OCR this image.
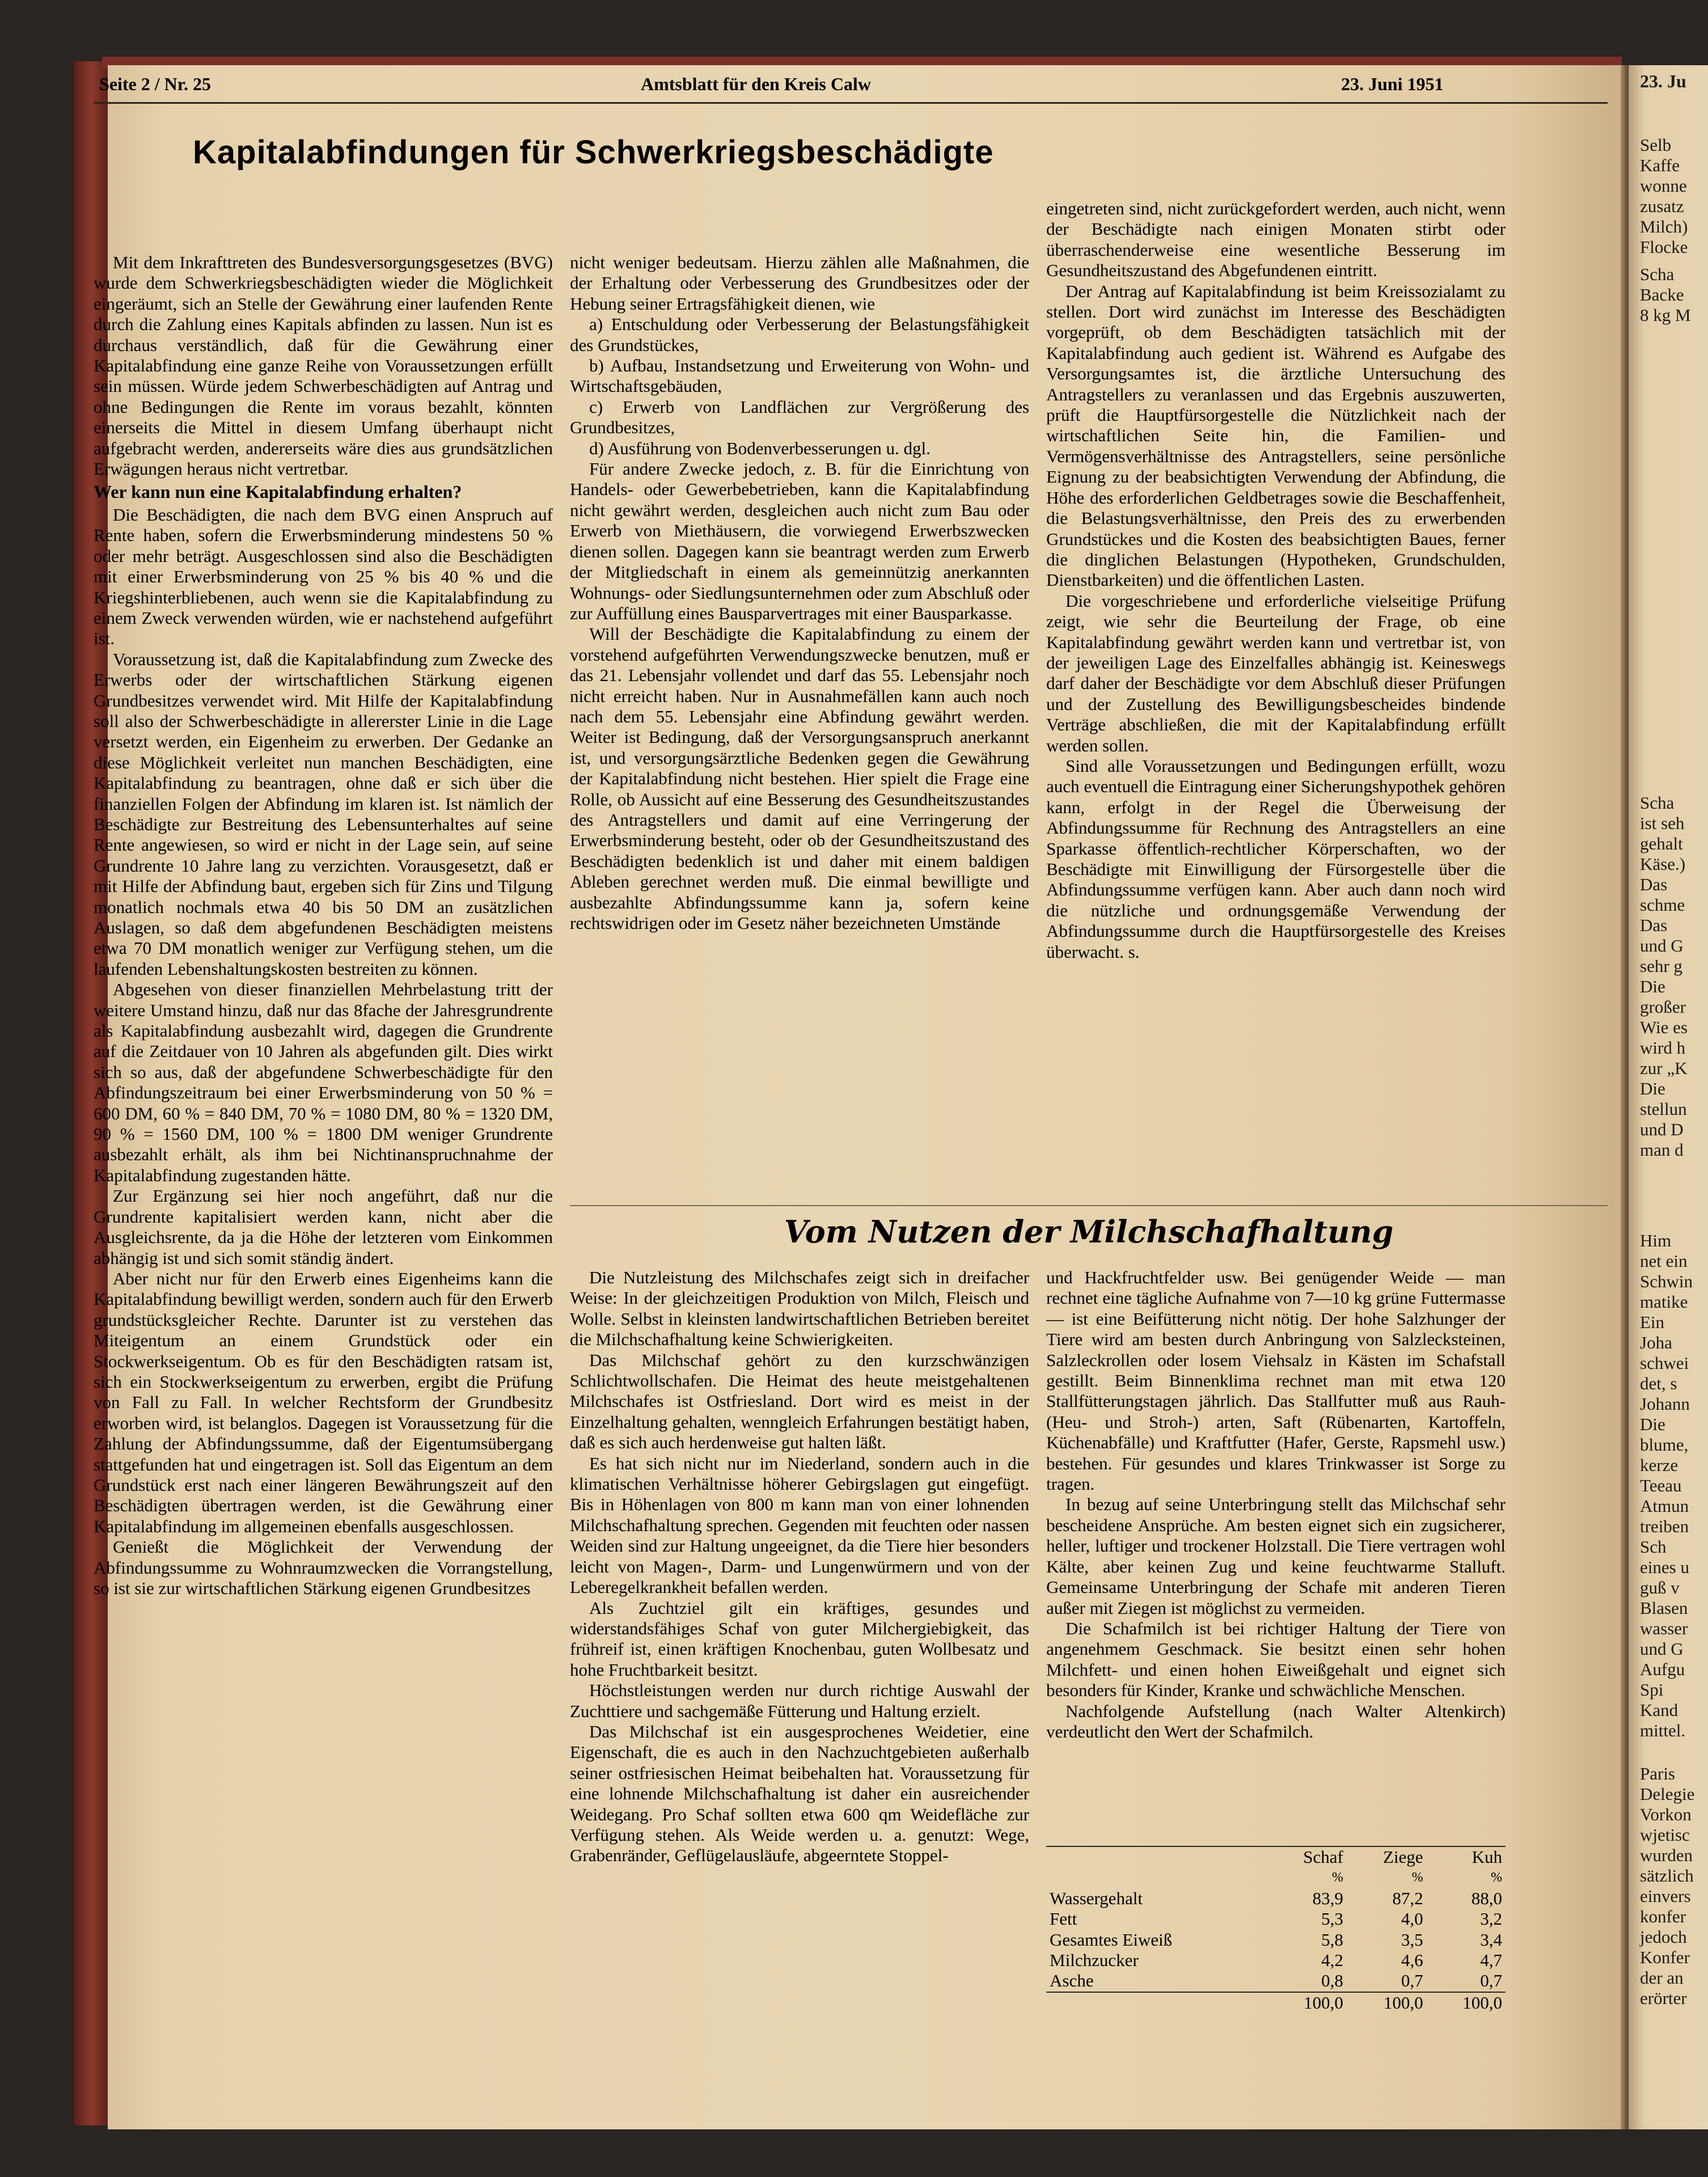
Seite 2 / Nr. 25	Amtsblatt für den Kreis Calw	23. Juni 1951
Kapitalabfindungen für Schwerkriegsbeschädigte

Mit dem Inkrafttreten des Bundesversorgungsgesetzes (BVG) wurde dem Schwerkriegsbeschädigten wieder die Möglichkeit eingeräumt, sich an Stelle der Gewährung einer laufenden Rente durch die Zahlung eines Kapitals abfinden zu lassen. Nun ist es durchaus verständlich, daß für die Gewährung einer Kapitalabfindung eine ganze Reihe von Voraussetzungen erfüllt sein müssen. Würde jedem Schwerbeschädigten auf Antrag und ohne Bedingungen die Rente im voraus bezahlt, könnten einerseits die Mittel in diesem Umfang überhaupt nicht aufgebracht werden, andererseits wäre dies aus grundsätzlichen Erwägungen heraus nicht vertretbar.

Wer kann nun eine Kapitalabfindung erhalten?

Die Beschädigten, die nach dem BVG einen Anspruch auf Rente haben, sofern die Erwerbsminderung mindestens 50 % oder mehr beträgt. Ausgeschlossen sind also die Beschädigten mit einer Erwerbsminderung von 25 % bis 40 % und die Kriegshinterbliebenen, auch wenn sie die Kapitalabfindung zu einem Zweck verwenden würden, wie er nachstehend aufgeführt ist.

Voraussetzung ist, daß die Kapitalabfindung zum Zwecke des Erwerbs oder der wirtschaftlichen Stärkung eigenen Grundbesitzes verwendet wird. Mit Hilfe der Kapitalabfindung soll also der Schwerbeschädigte in allererster Linie in die Lage versetzt werden, ein Eigenheim zu erwerben. Der Gedanke an diese Möglichkeit verleitet nun manchen Beschädigten, eine Kapitalabfindung zu beantragen, ohne daß er sich über die finanziellen Folgen der Abfindung im klaren ist. Ist nämlich der Beschädigte zur Bestreitung des Lebensunterhaltes auf seine Rente angewiesen, so wird er nicht in der Lage sein, auf seine Grundrente 10 Jahre lang zu verzichten. Vorausgesetzt, daß er mit Hilfe der Abfindung baut, ergeben sich für Zins und Tilgung monatlich nochmals etwa 40 bis 50 DM an zusätzlichen Auslagen, so daß dem abgefundenen Beschädigten meistens etwa 70 DM monatlich weniger zur Verfügung stehen, um die laufenden Lebenshaltungskosten bestreiten zu können.

Abgesehen von dieser finanziellen Mehrbelastung tritt der weitere Umstand hinzu, daß nur das 8fache der Jahresgrundrente als Kapitalabfindung ausbezahlt wird, dagegen die Grundrente auf die Zeitdauer von 10 Jahren als abgefunden gilt. Dies wirkt sich so aus, daß der abgefundene Schwerbeschädigte für den Abfindungszeitraum bei einer Erwerbsminderung von 50 % = 600 DM, 60 % = 840 DM, 70 % = 1080 DM, 80 % = 1320 DM, 90 % = 1560 DM, 100 % = 1800 DM weniger Grundrente ausbezahlt erhält, als ihm bei Nichtinanspruchnahme der Kapitalabfindung zugestanden hätte.

Zur Ergänzung sei hier noch angeführt, daß nur die Grundrente kapitalisiert werden kann, nicht aber die Ausgleichsrente, da ja die Höhe der letzteren vom Einkommen abhängig ist und sich somit ständig ändert.

Aber nicht nur für den Erwerb eines Eigenheims kann die Kapitalabfindung bewilligt werden, sondern auch für den Erwerb grundstücksgleicher Rechte. Darunter ist zu verstehen das Miteigentum an einem Grundstück oder ein Stockwerkseigentum. Ob es für den Beschädigten ratsam ist, sich ein Stockwerkseigentum zu erwerben, ergibt die Prüfung von Fall zu Fall. In welcher Rechtsform der Grundbesitz erworben wird, ist belanglos. Dagegen ist Voraussetzung für die Zahlung der Abfindungssumme, daß der Eigentumsübergang stattgefunden hat und eingetragen ist. Soll das Eigentum an dem Grundstück erst nach einer längeren Bewährungszeit auf den Beschädigten übertragen werden, ist die Gewährung einer Kapitalabfindung im allgemeinen ebenfalls ausgeschlossen.

Genießt die Möglichkeit der Verwendung der Abfindungssumme zu Wohnraumzwecken die Vorrangstellung, so ist sie zur wirtschaftlichen Stärkung eigenen Grundbesitzes

nicht weniger bedeutsam. Hierzu zählen alle Maßnahmen, die der Erhaltung oder Verbesserung des Grundbesitzes oder der Hebung seiner Ertragsfähigkeit dienen, wie

a) Entschuldung oder Verbesserung der Belastungsfähigkeit des Grundstückes,

b) Aufbau, Instandsetzung und Erweiterung von Wohn- und Wirtschaftsgebäuden,

c) Erwerb von Landflächen zur Vergrößerung des Grundbesitzes,

d) Ausführung von Bodenverbesserungen u. dgl.

Für andere Zwecke jedoch, z. B. für die Einrichtung von Handels- oder Gewerbebetrieben, kann die Kapitalabfindung nicht gewährt werden, desgleichen auch nicht zum Bau oder Erwerb von Miethäusern, die vorwiegend Erwerbszwecken dienen sollen. Dagegen kann sie beantragt werden zum Erwerb der Mitgliedschaft in einem als gemeinnützig anerkannten Wohnungs- oder Siedlungsunternehmen oder zum Abschluß oder zur Auffüllung eines Bausparvertrages mit einer Bausparkasse.

Will der Beschädigte die Kapitalabfindung zu einem der vorstehend aufgeführten Verwendungszwecke benutzen, muß er das 21. Lebensjahr vollendet und darf das 55. Lebensjahr noch nicht erreicht haben. Nur in Ausnahmefällen kann auch noch nach dem 55. Lebensjahr eine Abfindung gewährt werden. Weiter ist Bedingung, daß der Versorgungsanspruch anerkannt ist, und versorgungsärztliche Bedenken gegen die Gewährung der Kapitalabfindung nicht bestehen. Hier spielt die Frage eine Rolle, ob Aussicht auf eine Besserung des Gesundheitszustandes des Antragstellers und damit auf eine Verringerung der Erwerbsminderung besteht, oder ob der Gesundheitszustand des Beschädigten bedenklich ist und daher mit einem baldigen Ableben gerechnet werden muß. Die einmal bewilligte und ausbezahlte Abfindungssumme kann ja, sofern keine rechtswidrigen oder im Gesetz näher bezeichneten Umstände

eingetreten sind, nicht zurückgefordert werden, auch nicht, wenn der Beschädigte nach einigen Monaten stirbt oder überraschenderweise eine wesentliche Besserung im Gesundheitszustand des Abgefundenen eintritt.

Der Antrag auf Kapitalabfindung ist beim Kreissozialamt zu stellen. Dort wird zunächst im Interesse des Beschädigten vorgeprüft, ob dem Beschädigten tatsächlich mit der Kapitalabfindung auch gedient ist. Während es Aufgabe des Versorgungsamtes ist, die ärztliche Untersuchung des Antragstellers zu veranlassen und das Ergebnis auszuwerten, prüft die Hauptfürsorgestelle die Nützlichkeit nach der wirtschaftlichen Seite hin, die Familien- und Vermögensverhältnisse des Antragstellers, seine persönliche Eignung zu der beabsichtigten Verwendung der Abfindung, die Höhe des erforderlichen Geldbetrages sowie die Beschaffenheit, die Belastungsverhältnisse, den Preis des zu erwerbenden Grundstückes und die Kosten des beabsichtigten Baues, ferner die dinglichen Belastungen (Hypotheken, Grundschulden, Dienstbarkeiten) und die öffentlichen Lasten.

Die vorgeschriebene und erforderliche vielseitige Prüfung zeigt, wie sehr die Beurteilung der Frage, ob eine Kapitalabfindung gewährt werden kann und vertretbar ist, von der jeweiligen Lage des Einzelfalles abhängig ist. Keineswegs darf daher der Beschädigte vor dem Abschluß dieser Prüfungen und der Zustellung des Bewilligungsbescheides bindende Verträge abschließen, die mit der Kapitalabfindung erfüllt werden sollen.

Sind alle Voraussetzungen und Bedingungen erfüllt, wozu auch eventuell die Eintragung einer Sicherungshypothek gehören kann, erfolgt in der Regel die Überweisung der Abfindungssumme für Rechnung des Antragstellers an eine Sparkasse öffentlich-rechtlicher Körperschaften, wo der Beschädigte mit Einwilligung der Fürsorgestelle über die Abfindungssumme verfügen kann. Aber auch dann noch wird die nützliche und ordnungsgemäße Verwendung der Abfindungssumme durch die Hauptfürsorgestelle des Kreises überwacht. s.

Vom Nutzen der Milchschafhaltung

Die Nutzleistung des Milchschafes zeigt sich in dreifacher Weise: In der gleichzeitigen Produktion von Milch, Fleisch und Wolle. Selbst in kleinsten landwirtschaftlichen Betrieben bereitet die Milchschafhaltung keine Schwierigkeiten.

Das Milchschaf gehört zu den kurzschwänzigen Schlichtwollschafen. Die Heimat des heute meistgehaltenen Milchschafes ist Ostfriesland. Dort wird es meist in der Einzelhaltung gehalten, wenngleich Erfahrungen bestätigt haben, daß es sich auch herdenweise gut halten läßt.

Es hat sich nicht nur im Niederland, sondern auch in die klimatischen Verhältnisse höherer Gebirgslagen gut eingefügt. Bis in Höhenlagen von 800 m kann man von einer lohnenden Milchschafhaltung sprechen. Gegenden mit feuchten oder nassen Weiden sind zur Haltung ungeeignet, da die Tiere hier besonders leicht von Magen-, Darm- und Lungenwürmern und von der Leberegelkrankheit befallen werden.

Als Zuchtziel gilt ein kräftiges, gesundes und widerstandsfähiges Schaf von guter Milchergiebigkeit, das frühreif ist, einen kräftigen Knochenbau, guten Wollbesatz und hohe Fruchtbarkeit besitzt.

Höchstleistungen werden nur durch richtige Auswahl der Zuchttiere und sachgemäße Fütterung und Haltung erzielt.

Das Milchschaf ist ein ausgesprochenes Weidetier, eine Eigenschaft, die es auch in den Nachzuchtgebieten außerhalb seiner ostfriesischen Heimat beibehalten hat. Voraussetzung für eine lohnende Milchschafhaltung ist daher ein ausreichender Weidegang. Pro Schaf sollten etwa 600 qm Weidefläche zur Verfügung stehen. Als Weide werden u. a. genutzt: Wege, Grabenränder, Geflügelausläufe, abgeerntete Stoppel-

und Hackfruchtfelder usw. Bei genügender Weide — man rechnet eine tägliche Aufnahme von 7—10 kg grüne Futtermasse — ist eine Beifütterung nicht nötig. Der hohe Salzhunger der Tiere wird am besten durch Anbringung von Salzlecksteinen, Salzleckrollen oder losem Viehsalz in Kästen im Schafstall gestillt. Beim Binnenklima rechnet man mit etwa 120 Stallfütterungstagen jährlich. Das Stallfutter muß aus Rauh-(Heu- und Stroh-) arten, Saft (Rübenarten, Kartoffeln, Küchenabfälle) und Kraftfutter (Hafer, Gerste, Rapsmehl usw.) bestehen. Für gesundes und klares Trinkwasser ist Sorge zu tragen.

In bezug auf seine Unterbringung stellt das Milchschaf sehr bescheidene Ansprüche. Am besten eignet sich ein zugsicherer, heller, luftiger und trockener Holzstall. Die Tiere vertragen wohl Kälte, aber keinen Zug und keine feuchtwarme Stalluft. Gemeinsame Unterbringung der Schafe mit anderen Tieren außer mit Ziegen ist möglichst zu vermeiden.

Die Schafmilch ist bei richtiger Haltung der Tiere von angenehmem Geschmack. Sie besitzt einen sehr hohen Milchfett- und einen hohen Eiweißgehalt und eignet sich besonders für Kinder, Kranke und schwächliche Menschen.

Nachfolgende Aufstellung (nach Walter Altenkirch) verdeutlicht den Wert der Schafmilch.

	Schaf	Ziege	Kuh
	%	%	%
Wassergehalt	83,9	87,2	88,0
Fett	5,3	4,0	3,2
Gesamtes Eiweiß	5,8	3,5	3,4
Milchzucker	4,2	4,6	4,7
Asche	0,8	0,7	0,7
	100,0	100,0	100,0
23. Ju
Selb
Kaffe
wonne
zusatz
Milch)
Flocke
Scha
Backe
8 kg M
Scha
ist seh
gehalt
Käse.)
Das
schme
Das
und G
sehr g
Die
großer
Wie es
wird h
zur „K
Die
stellun
und D
man d
Him
net ein
Schwin
matike
Ein
Joha
schwei
det, s
Johann
Die
blume,
kerze
Teeau
Atmun
treiben
Sch
eines u
guß v
Blasen
wasser
und G
Aufgu
Spi
Kand
mittel.
Paris
Delegie
Vorkon
wjetisc
wurden
sätzlich
einvers
konfer
jedoch
Konfer
der an
erörter
